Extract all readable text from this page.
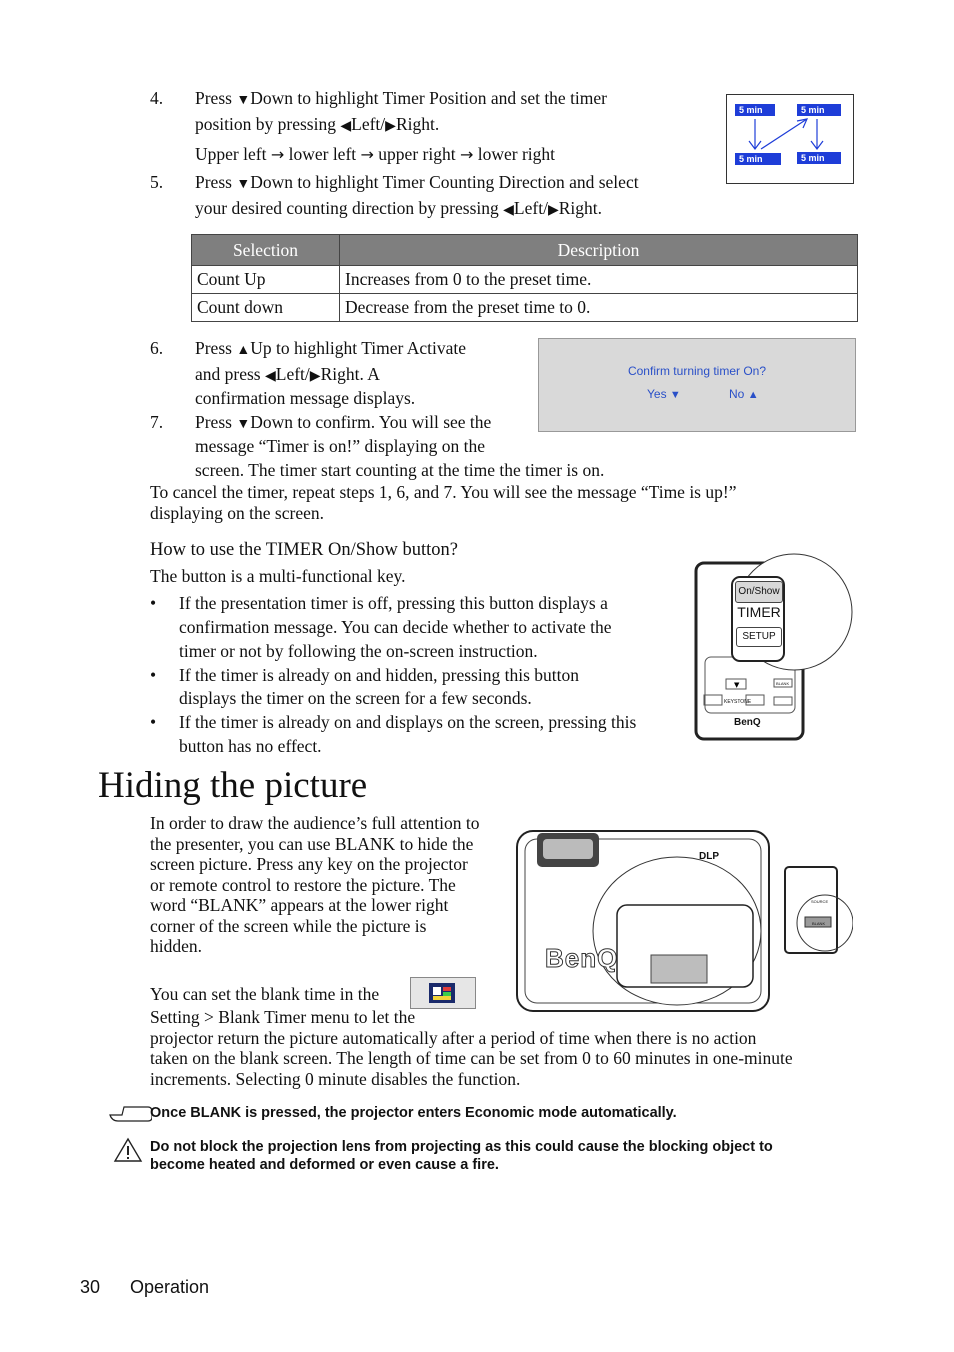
4. Press ▼Down to highlight Timer Position and set the timer
position by pressing ◀Left/▶Right.
Upper left → lower left → upper right → lower right
5 min	5 min
5 min	5 min
5. Press ▼Down to highlight Timer Counting Direction and select
your desired counting direction by pressing ◀Left/▶Right.
Selection	Description
Count Up	Increases from 0 to the preset time.
Count down	Decrease from the preset time to 0.
6. Press ▲Up to highlight Timer Activate
and press ◀Left/▶Right. A
confirmation message displays.
Confirm turning timer On?
Yes ▼	No ▲
7. Press ▼Down to confirm. You will see the
message “Timer is on!” displaying on the
screen. The timer start counting at the time the timer is on.
To cancel the timer, repeat steps 1, 6, and 7. You will see the message “Time is up!”
displaying on the screen.
How to use the TIMER On/Show button?
The button is a multi-functional key.
• If the presentation timer is off, pressing this button displays a
confirmation message. You can decide whether to activate the
timer or not by following the on-screen instruction.
• If the timer is already on and hidden, pressing this button
displays the timer on the screen for a few seconds.
• If the timer is already on and displays on the screen, pressing this
button has no effect.
▼
On/Show
TIMER
SETUP
KEYSTONE
BLANK
BenQ
Hiding the picture
In order to draw the audience’s full attention to
the presenter, you can use BLANK to hide the
screen picture. Press any key on the projector
or remote control to restore the picture. The
word “BLANK” appears at the lower right
corner of the screen while the picture is
hidden.
You can set the blank time in the
Setting > Blank Timer menu to let the
projector return the picture automatically after a period of time when there is no action
taken on the blank screen. The length of time can be set from 0 to 60 minutes in one-minute
increments. Selecting 0 minute disables the function.
DLP
BenQ
BLANK
SOURCE
Once BLANK is pressed, the projector enters Economic mode automatically.
Do not block the projection lens from projecting as this could cause the blocking object to
become heated and deformed or even cause a fire.
30 Operation
